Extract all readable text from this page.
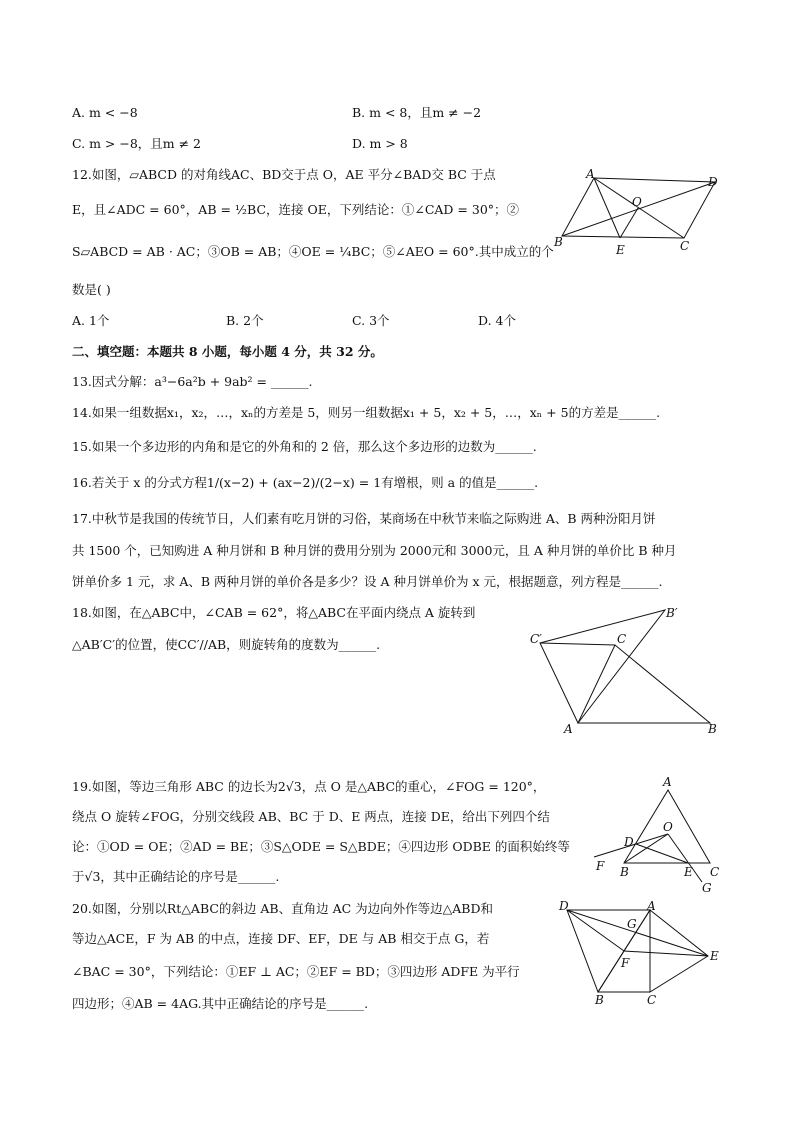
A. m < −8	B. m < 8，且m ≠ −2
C. m > −8，且m ≠ 2	D. m > 8
12.如图，▱ABCD 的对角线AC、BD交于点 O，AE 平分∠BAD交 BC 于点
E，且∠ADC = 60°，AB = ½BC，连接 OE，下列结论：①∠CAD = 30°；②
S▱ABCD = AB · AC；③OB = AB；④OE = ¼BC；⑤∠AEO = 60°.其中成立的个
数是( )
A. 1个	B. 2个	C. 3个	D. 4个
A
D
O
B
E	C
二、填空题：本题共 8 小题，每小题 4 分，共 32 分。
13.因式分解：a³−6a²b + 9ab² = ______.
14.如果一组数据x₁，x₂，…，xₙ的方差是 5，则另一组数据x₁ + 5，x₂ + 5，…，xₙ + 5的方差是______.
15.如果一个多边形的内角和是它的外角和的 2 倍，那么这个多边形的边数为______.
16.若关于 x 的分式方程1/(x−2) + (ax−2)/(2−x) = 1有增根，则 a 的值是______.
17.中秋节是我国的传统节日，人们素有吃月饼的习俗，某商场在中秋节来临之际购进 A、B 两种汾阳月饼
共 1500 个，已知购进 A 种月饼和 B 种月饼的费用分别为 2000元和 3000元，且 A 种月饼的单价比 B 种月
饼单价多 1 元，求 A、B 两种月饼的单价各是多少？设 A 种月饼单价为 x 元，根据题意，列方程是______.
18.如图，在△ABC中，∠CAB = 62°，将△ABC在平面内绕点 A 旋转到
△AB′C′的位置，使CC′//AB，则旋转角的度数为______.
B′
C′	C
A	B
19.如图，等边三角形 ABC 的边长为2√3，点 O 是△ABC的重心，∠FOG = 120°，
绕点 O 旋转∠FOG，分别交线段 AB、BC 于 D、E 两点，连接 DE，给出下列四个结
论：①OD = OE；②AD = BE；③S△ODE = S△BDE；④四边形 ODBE 的面积始终等
于√3，其中正确结论的序号是______.
A
O
D
F B	E C
G
20.如图，分别以Rt△ABC的斜边 AB、直角边 AC 为边向外作等边△ABD和
等边△ACE，F 为 AB 的中点，连接 DF、EF，DE 与 AB 相交于点 G，若
∠BAC = 30°，下列结论：①EF ⊥ AC；②EF = BD；③四边形 ADFE 为平行
四边形；④AB = 4AG.其中正确结论的序号是______.
D	A
G
E
F
B	C
